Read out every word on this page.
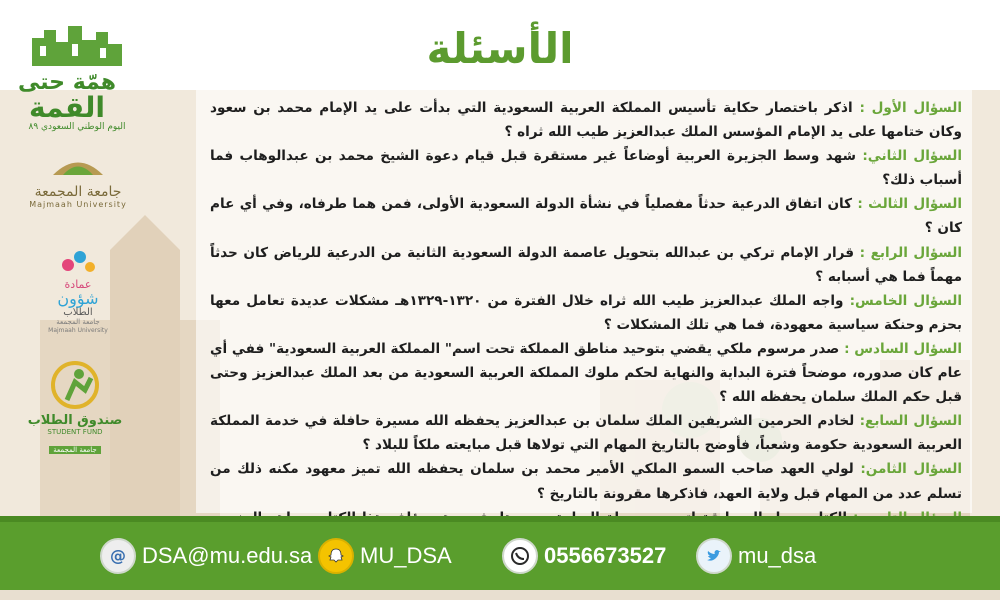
الأسئلة
همّة حتى
القمة
اليوم الوطني السعودي ٨٩
جامعة المجمعة
Majmaah University
عمادة
شؤون
الطلاب
جامعة المجمعة
Majmaah University
صندوق الطلاب
STUDENT FUND
جامعة المجمعة

السؤال الأول : اذكر باختصار حكاية تأسيس المملكة العربية السعودية التي بدأت على يد الإمام محمد بن سعود وكان ختامها على يد الإمام المؤسس الملك عبدالعزيز طيب الله ثراه ؟

السؤال الثاني: شهد وسط الجزيرة العربية أوضاعاً غير مستقرة قبل قيام دعوة الشيخ محمد بن عبدالوهاب فما أسباب ذلك؟

السؤال الثالث : كان اتفاق الدرعية حدثاً مفصلياً في نشأة الدولة السعودية الأولى، فمن هما طرفاه، وفي أي عام كان ؟

السؤال الرابع : قرار الإمام تركي بن عبدالله بتحويل عاصمة الدولة السعودية الثانية من الدرعية للرياض كان حدثاً مهماً فما هي أسبابه ؟

السؤال الخامس: واجه الملك عبدالعزيز طيب الله ثراه خلال الفترة من ١٣٢٠-١٣٢٩هـ مشكلات عديدة تعامل معها بحزم وحنكة سياسية معهودة، فما هي تلك المشكلات ؟

السؤال السادس : صدر مرسوم ملكي يقضي بتوحيد مناطق المملكة تحت اسم" المملكة العربية السعودية" ففي أي عام كان صدوره، موضحاً فترة البداية والنهاية لحكم ملوك المملكة العربية السعودية من بعد الملك عبدالعزيز وحتى قبل حكم الملك سلمان يحفظه الله ؟

السؤال السابع: لخادم الحرمين الشريفين الملك سلمان بن عبدالعزيز يحفظه الله مسيرة حافلة في خدمة المملكة العربية السعودية حكومة وشعباً، فأوضح بالتاريخ المهام التي تولاها قبل مبايعته ملكاً للبلاد ؟

السؤال الثامن: لولي العهد صاحب السمو الملكي الأمير محمد بن سلمان يحفظه الله تميز معهود مكنه ذلك من تسلم عدد من المهام قبل ولاية العهد، فاذكرها مقرونة بالتاريخ ؟

@ DSA@mu.edu.sa MU_DSA	0556673527	mu_dsa
